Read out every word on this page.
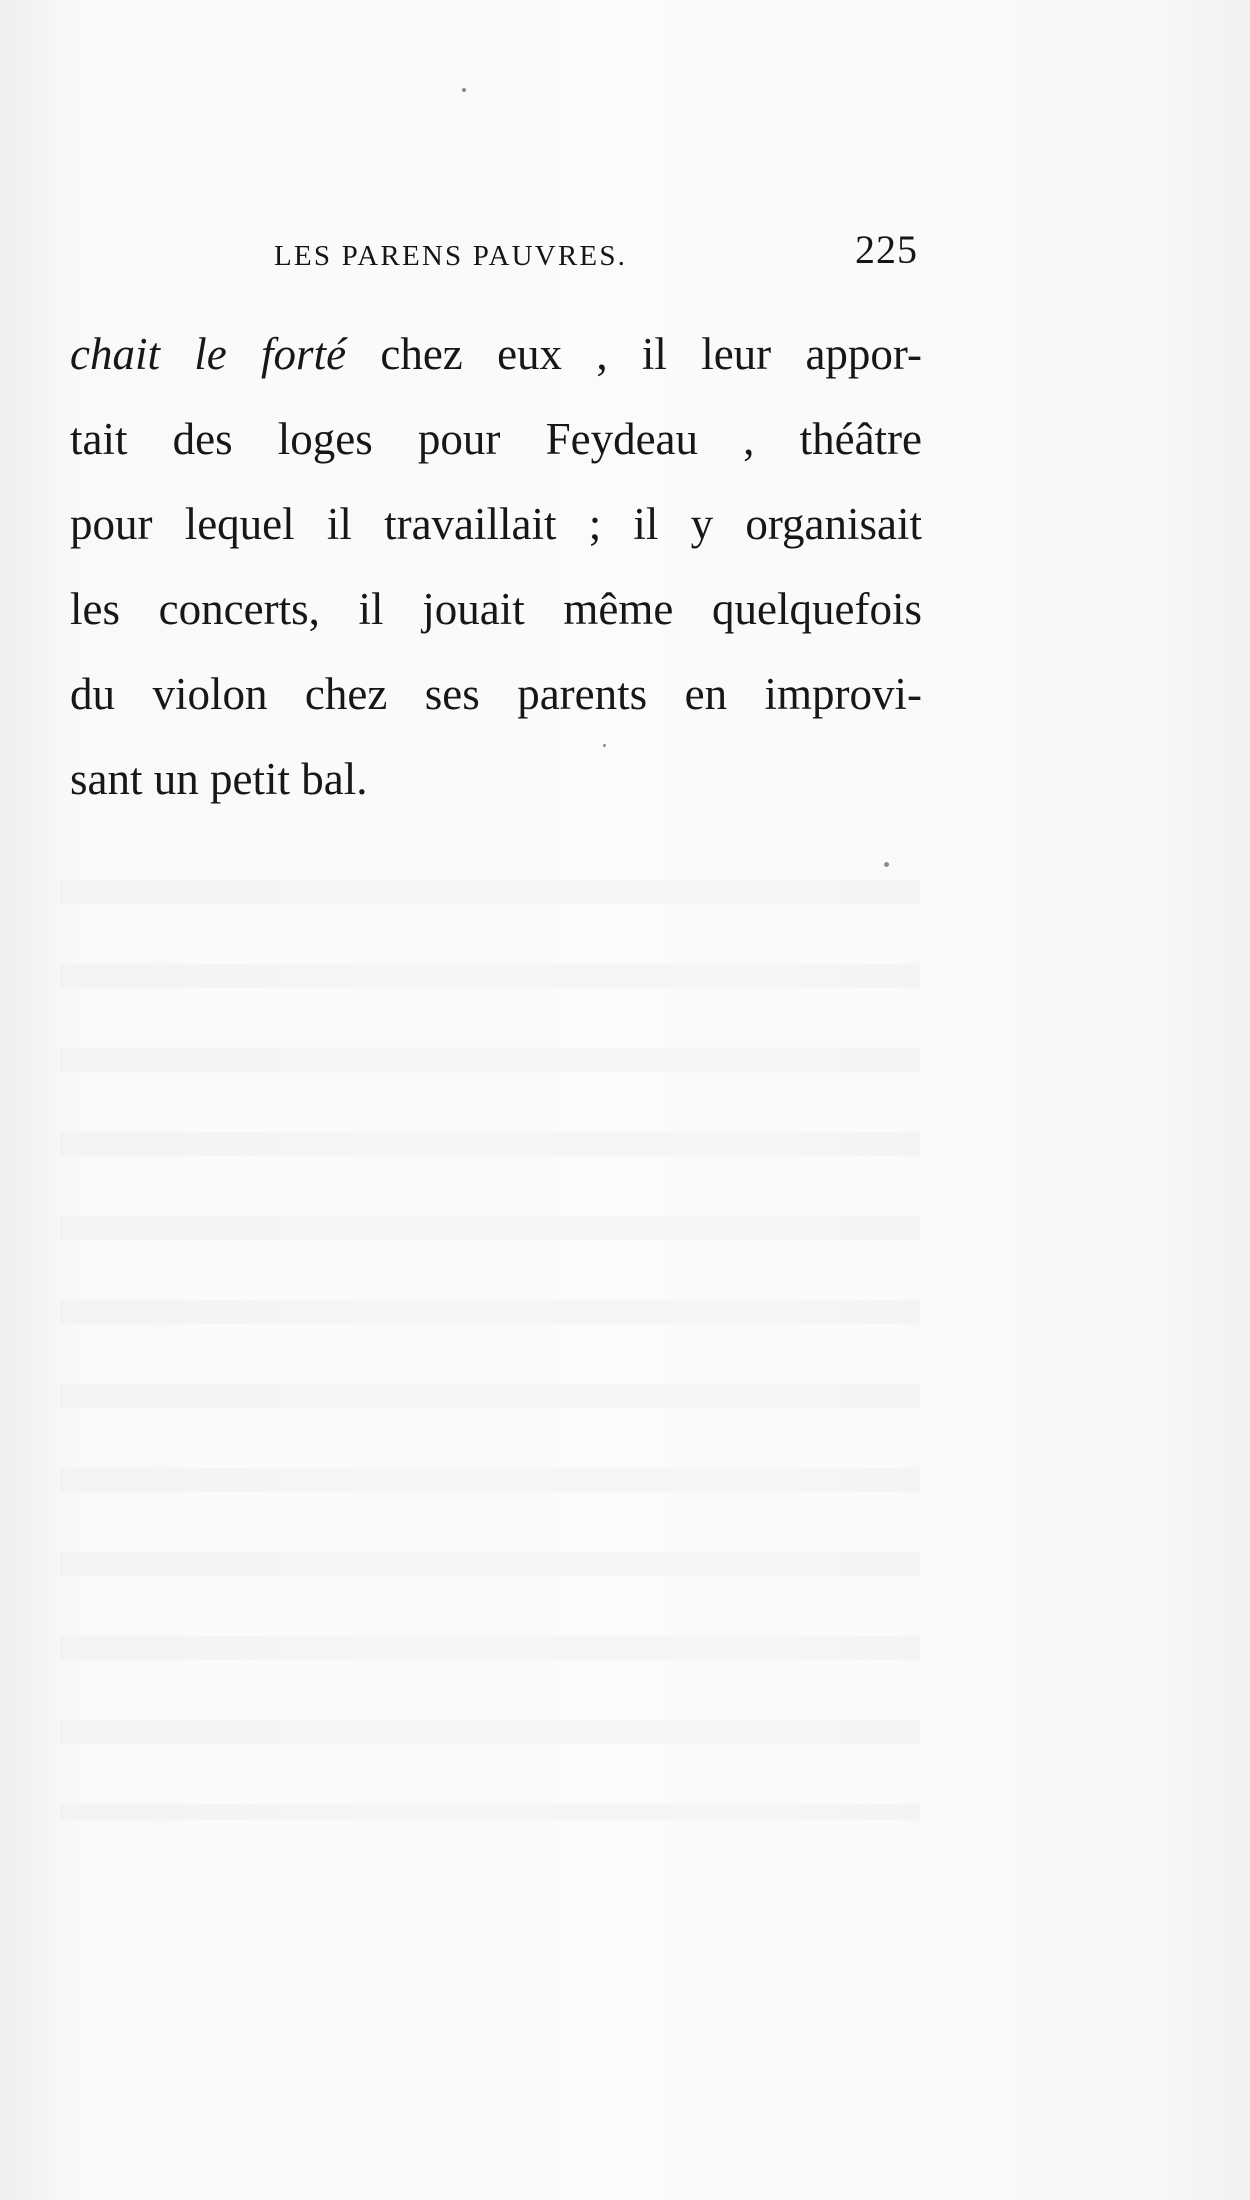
LES PARENS PAUVRES.	225
chait le forté chez eux , il leur appor-
tait des loges pour Feydeau , théâtre
pour lequel il travaillait ; il y organisait
les concerts, il jouait même quelquefois
du violon chez ses parents en improvi-
sant un petit bal.
